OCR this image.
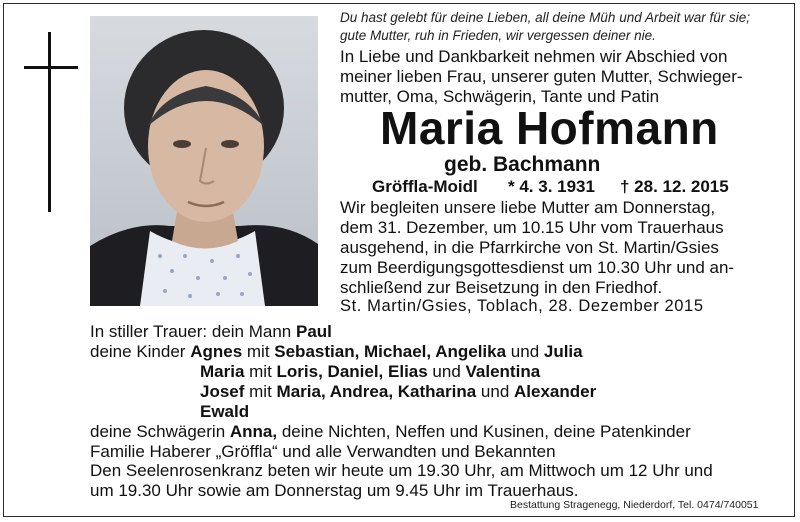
Du hast gelebt für deine Lieben, all deine Müh und Arbeit war für sie;
gute Mutter, ruh in Frieden, wir vergessen deiner nie.
In Liebe und Dankbarkeit nehmen wir Abschied von
meiner lieben Frau, unserer guten Mutter, Schwieger-
mutter, Oma, Schwägerin, Tante und Patin
Maria Hofmann
geb. Bachmann
Gröffla-Moidl * 4. 3. 1931 † 28. 12. 2015
Wir begleiten unsere liebe Mutter am Donnerstag,
dem 31. Dezember, um 10.15 Uhr vom Trauerhaus
ausgehend, in die Pfarrkirche von St. Martin/Gsies
zum Beerdigungsgottesdienst um 10.30 Uhr und an-
schließend zur Beisetzung in den Friedhof.
St. Martin/Gsies, Toblach, 28. Dezember 2015
In stiller Trauer: dein Mann Paul
deine Kinder Agnes mit Sebastian, Michael, Angelika und Julia
Maria mit Loris, Daniel, Elias und Valentina
Josef mit Maria, Andrea, Katharina und Alexander
Ewald
deine Schwägerin Anna, deine Nichten, Neffen und Kusinen, deine Patenkinder
Familie Haberer „Gröffla“ und alle Verwandten und Bekannten
Den Seelenrosenkranz beten wir heute um 19.30 Uhr, am Mittwoch um 12 Uhr und
um 19.30 Uhr sowie am Donnerstag um 9.45 Uhr im Trauerhaus.
Bestattung Stragenegg, Niederdorf, Tel. 0474/740051
